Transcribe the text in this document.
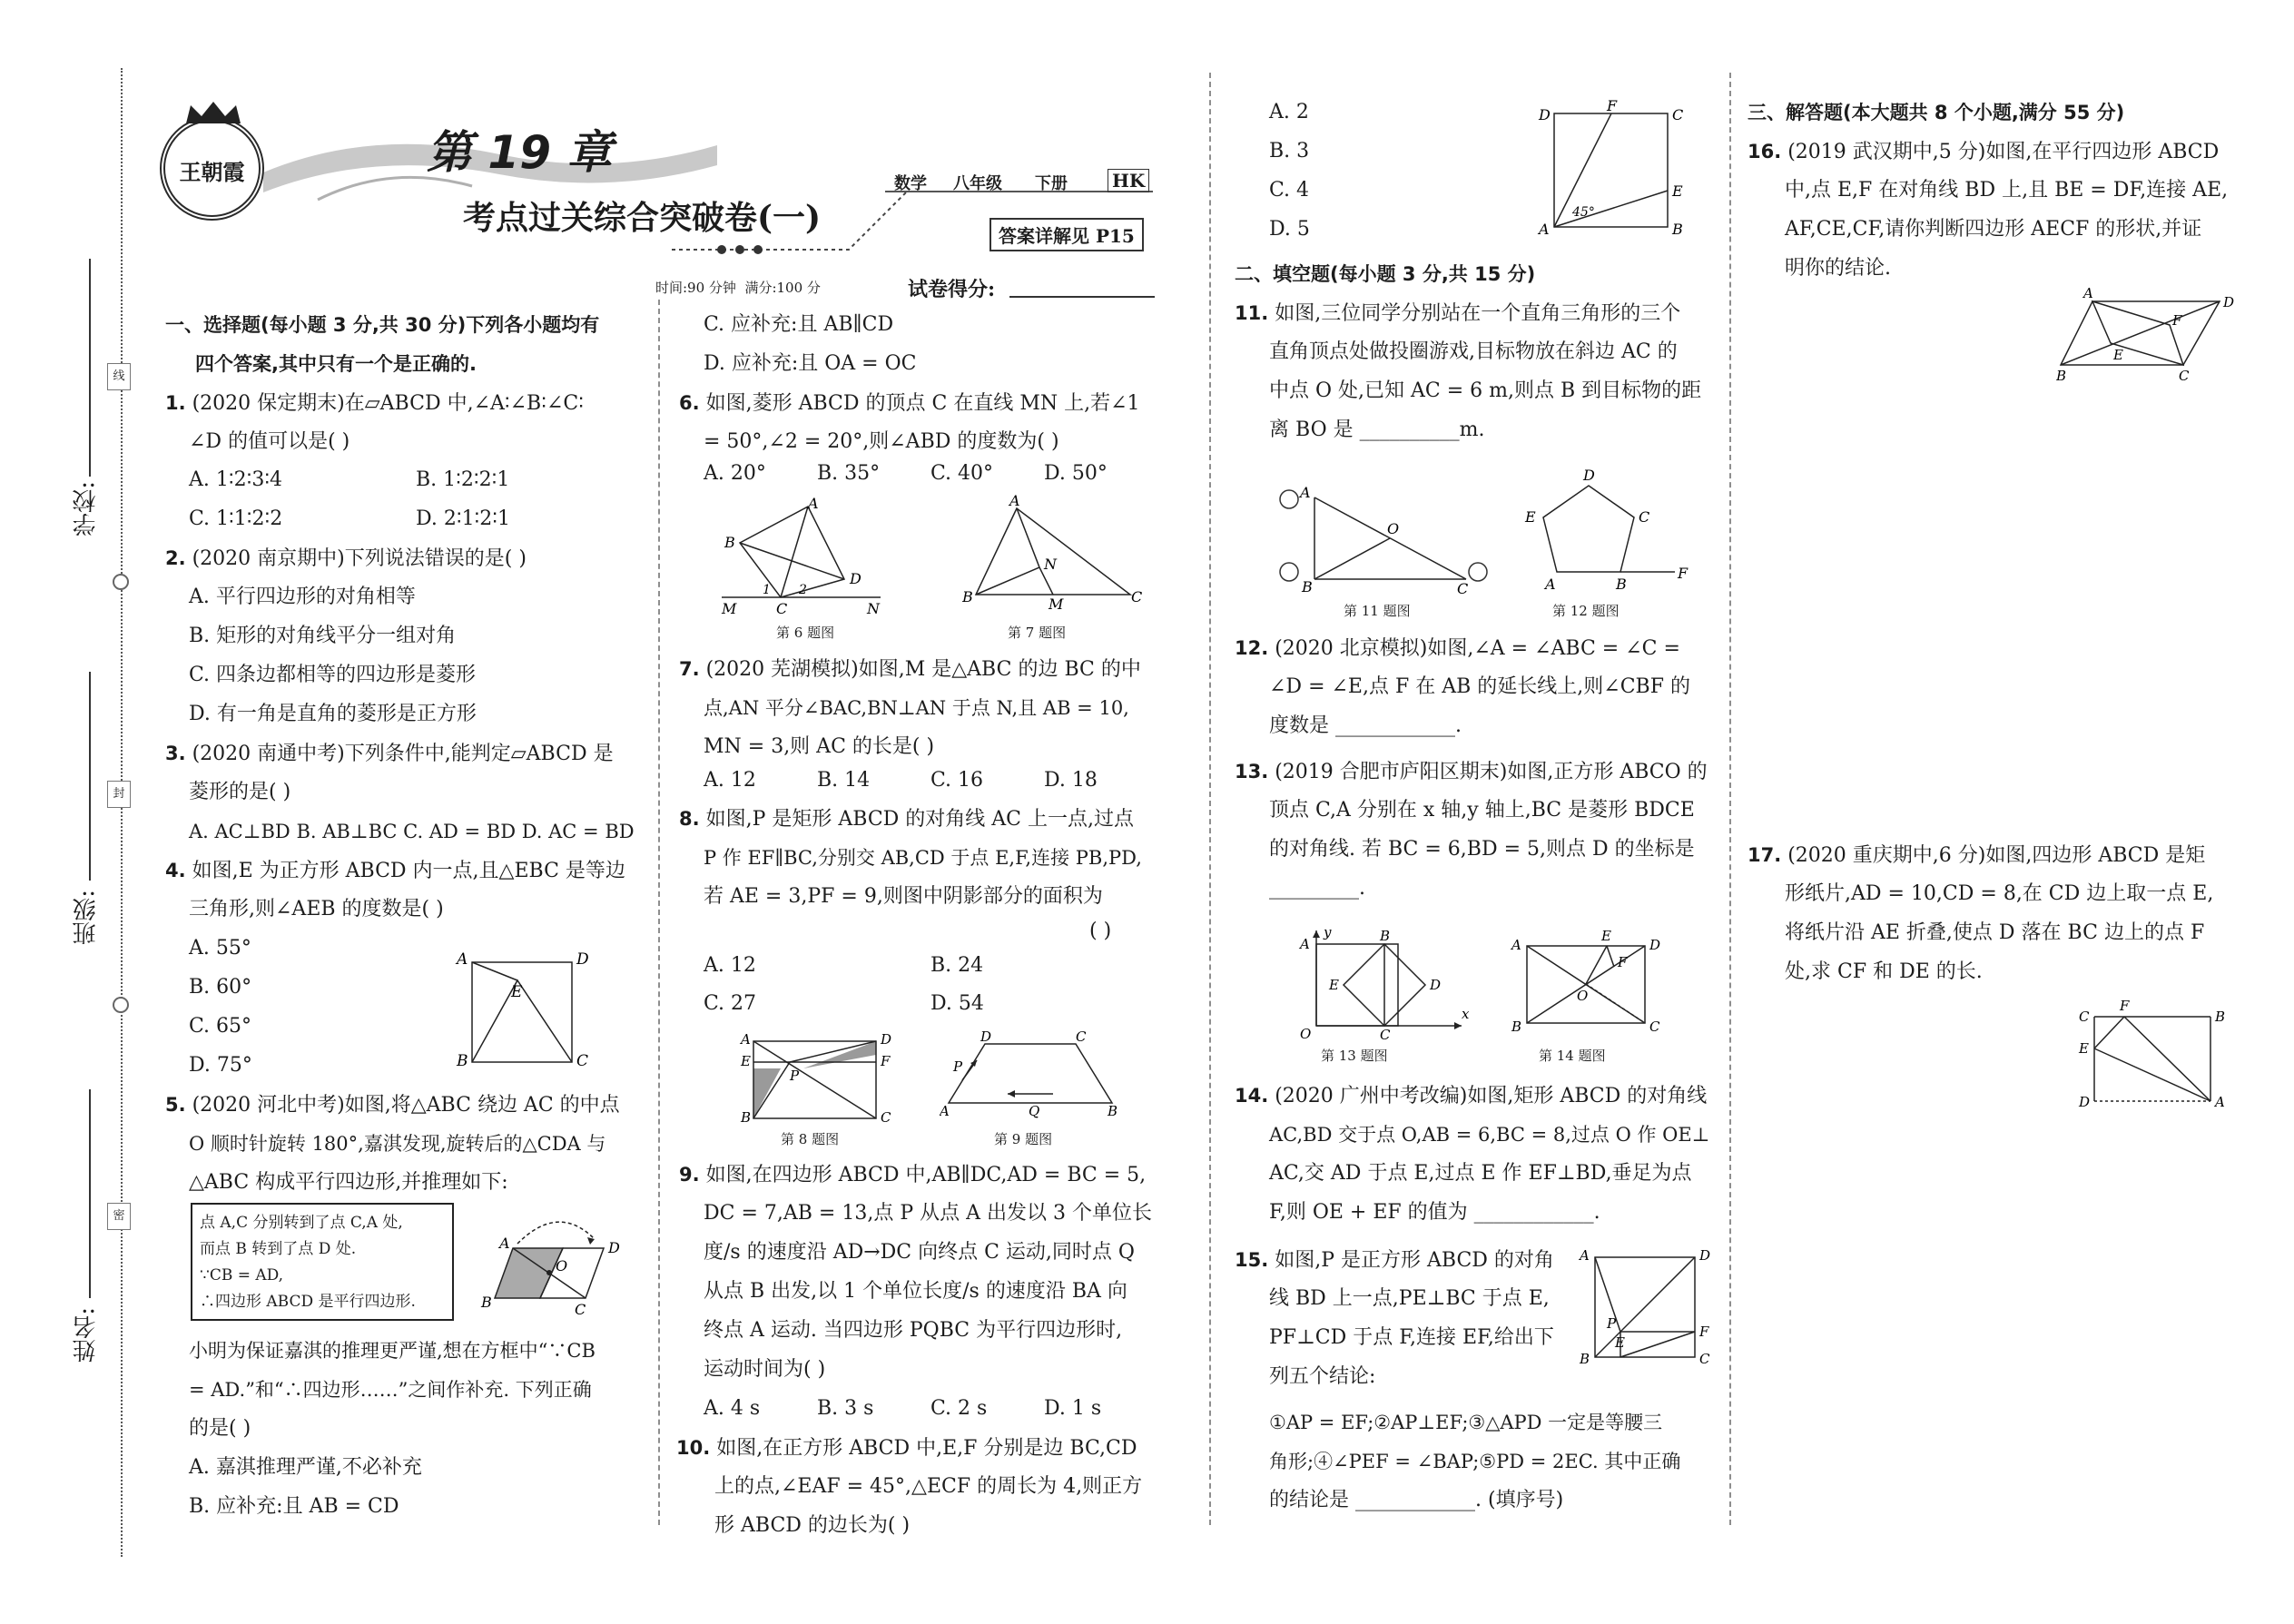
学校:
班级:
姓名:
线
封
密
王朝霞	第 19 章
考点过关综合突破卷(一)
数学 八年级 下册 HK
答案详解见 P15
时间:90 分钟  满分:100 分	试卷得分:
一、选择题(每小题 3 分,共 30 分)下列各小题均有
四个答案,其中只有一个是正确的.
1. (2020 保定期末)在▱ABCD 中,∠A∶∠B∶∠C∶
∠D 的值可以是( )
A. 1∶2∶3∶4	B. 1∶2∶2∶1
C. 1∶1∶2∶2	D. 2∶1∶2∶1
2. (2020 南京期中)下列说法错误的是( )
A. 平行四边形的对角相等
B. 矩形的对角线平分一组对角
C. 四条边都相等的四边形是菱形
D. 有一角是直角的菱形是正方形
3. (2020 南通中考)下列条件中,能判定▱ABCD 是
菱形的是( )
A. AC⊥BD B. AB⊥BC C. AD = BD D. AC = BD
4. 如图,E 为正方形 ABCD 内一点,且△EBC 是等边
三角形,则∠AEB 的度数是( )
A. 55°
B. 60°
C. 65°
D. 75°
A	D
E
B	C
5. (2020 河北中考)如图,将△ABC 绕边 AC 的中点
O 顺时针旋转 180°,嘉淇发现,旋转后的△CDA 与
△ABC 构成平行四边形,并推理如下:
点 A,C 分别转到了点 C,A 处,
而点 B 转到了点 D 处.
∵CB = AD,
∴四边形 ABCD 是平行四边形.
A
O
D
B	C
小明为保证嘉淇的推理更严谨,想在方框中“∵CB
= AD.”和“∴四边形……”之间作补充. 下列正确
的是( )
A. 嘉淇推理严谨,不必补充
B. 应补充:且 AB = CD
C. 应补充:且 AB∥CD
D. 应补充:且 OA = OC
6. 如图,菱形 ABCD 的顶点 C 在直线 MN 上,若∠1
= 50°,∠2 = 20°,则∠ABD 的度数为( )
A. 20°	B. 35°	C. 40°	D. 50°
A
B
D
1 2
M	C	N
第 6 题图
A
N
B	M	C
第 7 题图
7. (2020 芜湖模拟)如图,M 是△ABC 的边 BC 的中
点,AN 平分∠BAC,BN⊥AN 于点 N,且 AB = 10,
MN = 3,则 AC 的长是( )
A. 12	B. 14	C. 16	D. 18
8. 如图,P 是矩形 ABCD 的对角线 AC 上一点,过点
P 作 EF∥BC,分别交 AB,CD 于点 E,F,连接 PB,PD,
若 AE = 3,PF = 9,则图中阴影部分的面积为
( )
A. 12	B. 24
C. 27	D. 54
A	D
E	F
P
B	C
第 8 题图
D	C
P
A	Q	B
第 9 题图
9. 如图,在四边形 ABCD 中,AB∥DC,AD = BC = 5,
DC = 7,AB = 13,点 P 从点 A 出发以 3 个单位长
度/s 的速度沿 AD→DC 向终点 C 运动,同时点 Q
从点 B 出发,以 1 个单位长度/s 的速度沿 BA 向
终点 A 运动. 当四边形 PQBC 为平行四边形时,
运动时间为( )
A. 4 s	B. 3 s	C. 2 s	D. 1 s
10. 如图,在正方形 ABCD 中,E,F 分别是边 BC,CD
上的点,∠EAF = 45°,△ECF 的周长为 4,则正方
形 ABCD 的边长为( )
A. 2
B. 3
C. 4
D. 5
D
F
C
E
45°
A	B
二、填空题(每小题 3 分,共 15 分)
11. 如图,三位同学分别站在一个直角三角形的三个
直角顶点处做投圈游戏,目标物放在斜边 AC 的
中点 O 处,已知 AC = 6 m,则点 B 到目标物的距
离 BO 是 __________m.
A
O
B	C
第 11 题图
D
E	C
A	B
F
第 12 题图
12. (2020 北京模拟)如图,∠A = ∠ABC = ∠C =
∠D = ∠E,点 F 在 AB 的延长线上,则∠CBF 的
度数是 ____________.
13. (2019 合肥市庐阳区期末)如图,正方形 ABCO 的
顶点 C,A 分别在 x 轴,y 轴上,BC 是菱形 BDCE
的对角线. 若 BC = 6,BD = 5,则点 D 的坐标是
_________.
A
y	B
E	D
O	C
x
第 13 题图
A
E
D
F
O
B	C
第 14 题图
14. (2020 广州中考改编)如图,矩形 ABCD 的对角线
AC,BD 交于点 O,AB = 6,BC = 8,过点 O 作 OE⊥
AC,交 AD 于点 E,过点 E 作 EF⊥BD,垂足为点
F,则 OE + EF 的值为 ____________.
15. 如图,P 是正方形 ABCD 的对角
线 BD 上一点,PE⊥BC 于点 E,
PF⊥CD 于点 F,连接 EF,给出下
列五个结论:
①AP = EF;②AP⊥EF;③△APD 一定是等腰三
角形;④∠PEF = ∠BAP;⑤PD = 2EC. 其中正确
的结论是 ____________. (填序号)
A	D
P	F
E
B	C
三、解答题(本大题共 8 个小题,满分 55 分)
16. (2019 武汉期中,5 分)如图,在平行四边形 ABCD
中,点 E,F 在对角线 BD 上,且 BE = DF,连接 AE,
AF,CE,CF,请你判断四边形 AECF 的形状,并证
明你的结论.
A
D
F
E
B	C
17. (2020 重庆期中,6 分)如图,四边形 ABCD 是矩
形纸片,AD = 10,CD = 8,在 CD 边上取一点 E,
将纸片沿 AE 折叠,使点 D 落在 BC 边上的点 F
处,求 CF 和 DE 的长.
C
F
B
E
D	A
